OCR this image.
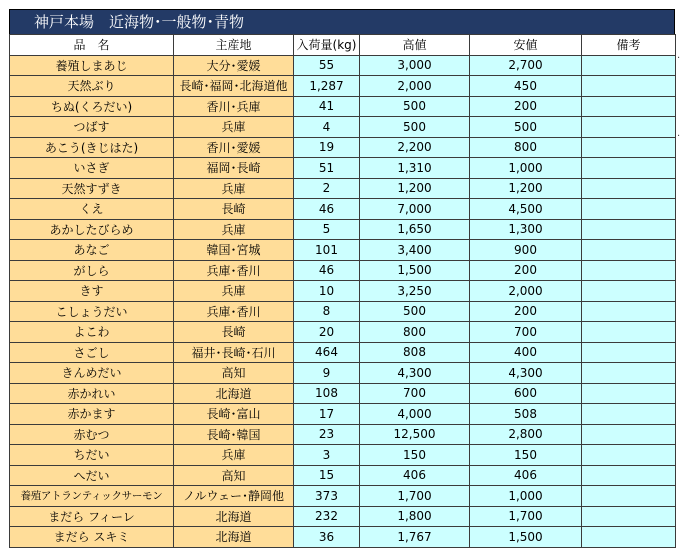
神戸本場　近海物･一般物･青物
品　名	主産地	入荷量(kg)	高値	安値	備考
養殖しまあじ	大分･愛媛	55	3,000	2,700	
天然ぶり	長崎･福岡･北海道他	1,287	2,000	450	
ちぬ(くろだい)	香川･兵庫	41	500	200	
つばす	兵庫	4	500	500	
あこう(きじはた)	香川･愛媛	19	2,200	800	
いさぎ	福岡･長崎	51	1,310	1,000	
天然すずき	兵庫	2	1,200	1,200	
くえ	長崎	46	7,000	4,500	
あかしたびらめ	兵庫	5	1,650	1,300	
あなご	韓国･宮城	101	3,400	900	
がしら	兵庫･香川	46	1,500	200	
きす	兵庫	10	3,250	2,000	
こしょうだい	兵庫･香川	8	500	200	
よこわ	長崎	20	800	700	
さごし	福井･長崎･石川	464	808	400	
きんめだい	高知	9	4,300	4,300	
赤かれい	北海道	108	700	600	
赤かます	長崎･富山	17	4,000	508	
赤むつ	長崎･韓国	23	12,500	2,800	
ちだい	兵庫	3	150	150	
へだい	高知	15	406	406	
養殖アトランティックサーモン	ノルウェー･静岡他	373	1,700	1,000	
まだら フィーレ	北海道	232	1,800	1,700	
まだら スキミ	北海道	36	1,767	1,500	
.
.
